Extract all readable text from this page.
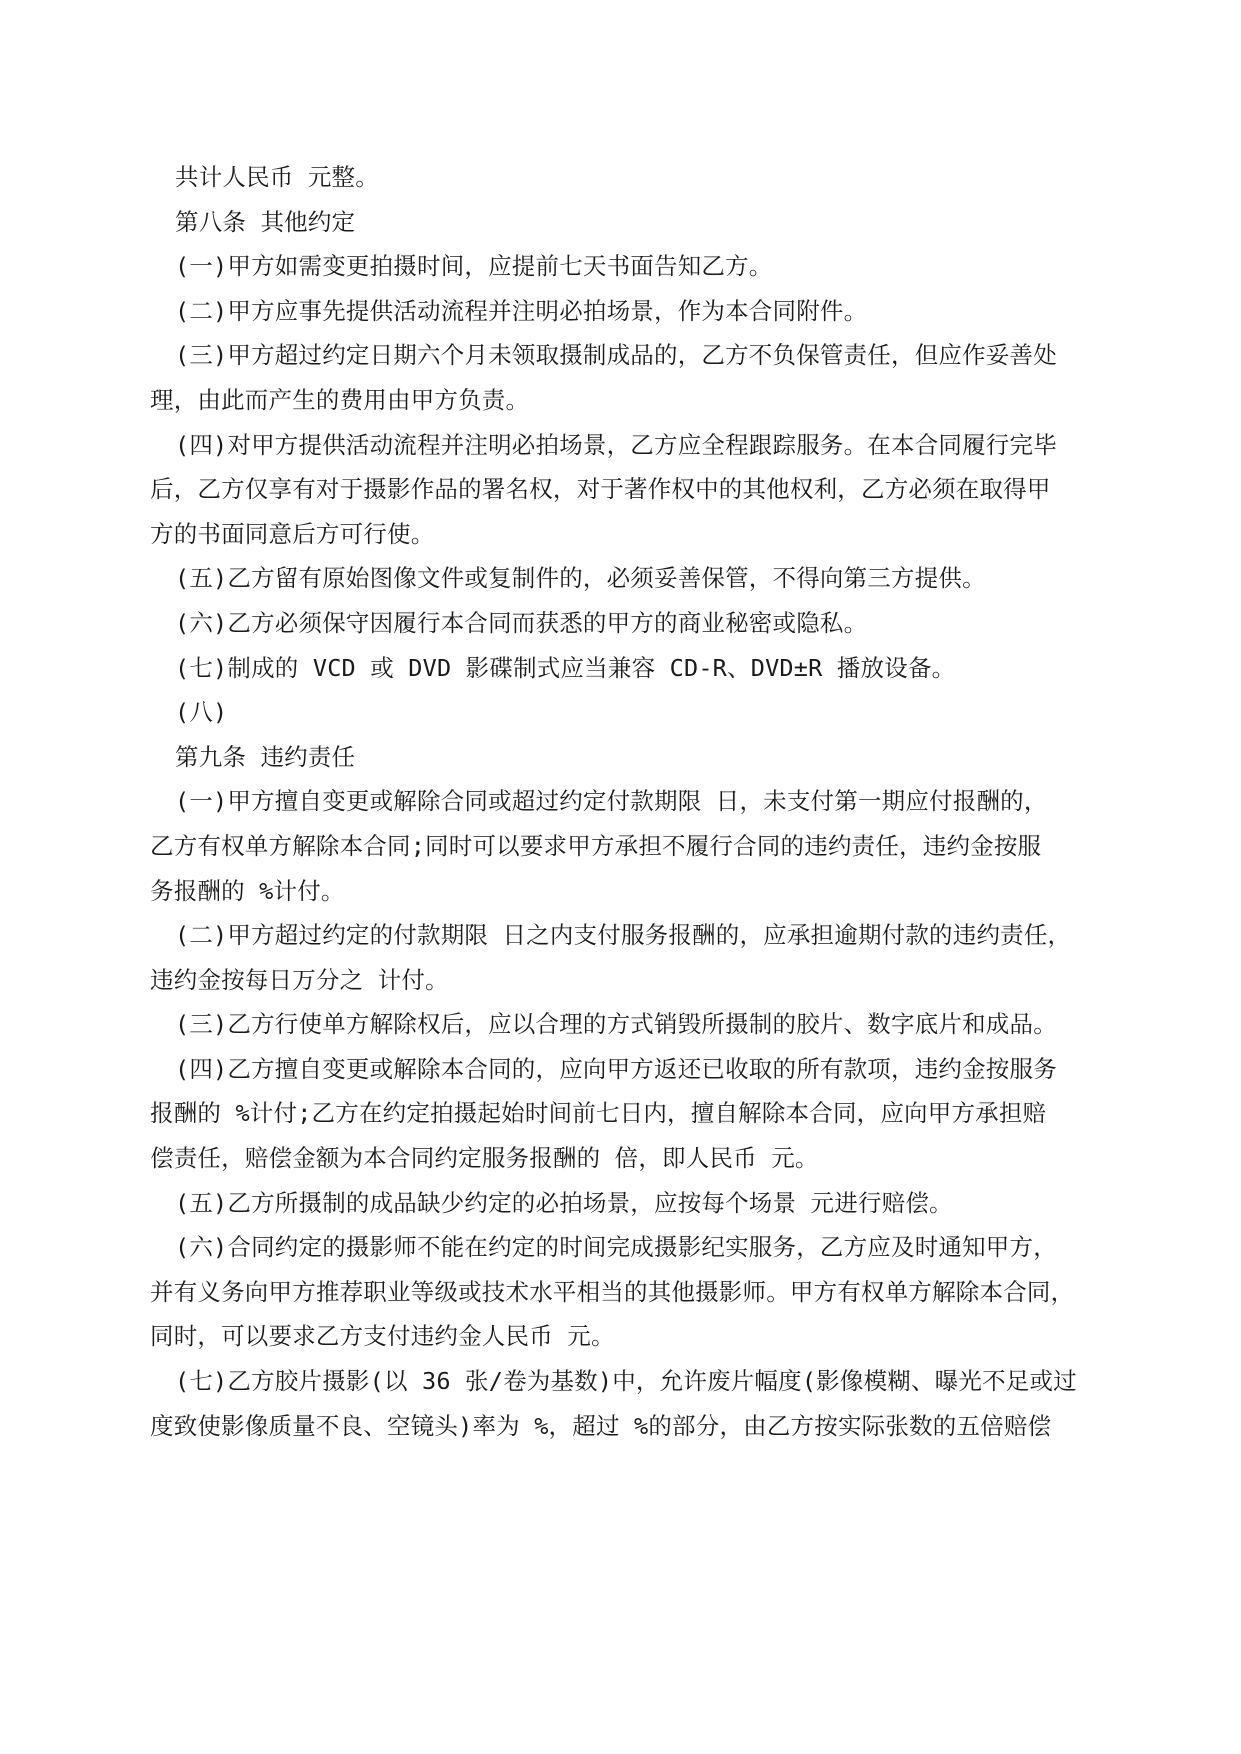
共计人民币 元整。
第八条 其他约定
(一)甲方如需变更拍摄时间，应提前七天书面告知乙方。
(二)甲方应事先提供活动流程并注明必拍场景，作为本合同附件。
(三)甲方超过约定日期六个月未领取摄制成品的，乙方不负保管责任，但应作妥善处
理，由此而产生的费用由甲方负责。
(四)对甲方提供活动流程并注明必拍场景，乙方应全程跟踪服务。在本合同履行完毕
后，乙方仅享有对于摄影作品的署名权，对于著作权中的其他权利，乙方必须在取得甲
方的书面同意后方可行使。
(五)乙方留有原始图像文件或复制件的，必须妥善保管，不得向第三方提供。
(六)乙方必须保守因履行本合同而获悉的甲方的商业秘密或隐私。
(七)制成的 VCD 或 DVD 影碟制式应当兼容 CD-R、DVD±R 播放设备。
(八)
第九条 违约责任
(一)甲方擅自变更或解除合同或超过约定付款期限 日，未支付第一期应付报酬的，
乙方有权单方解除本合同;同时可以要求甲方承担不履行合同的违约责任，违约金按服
务报酬的 %计付。
(二)甲方超过约定的付款期限 日之内支付服务报酬的，应承担逾期付款的违约责任，
违约金按每日万分之 计付。
(三)乙方行使单方解除权后，应以合理的方式销毁所摄制的胶片、数字底片和成品。
(四)乙方擅自变更或解除本合同的，应向甲方返还已收取的所有款项，违约金按服务
报酬的 %计付;乙方在约定拍摄起始时间前七日内，擅自解除本合同，应向甲方承担赔
偿责任，赔偿金额为本合同约定服务报酬的 倍，即人民币 元。
(五)乙方所摄制的成品缺少约定的必拍场景，应按每个场景 元进行赔偿。
(六)合同约定的摄影师不能在约定的时间完成摄影纪实服务，乙方应及时通知甲方，
并有义务向甲方推荐职业等级或技术水平相当的其他摄影师。甲方有权单方解除本合同，
同时，可以要求乙方支付违约金人民币 元。
(七)乙方胶片摄影(以 36 张/卷为基数)中，允许废片幅度(影像模糊、曝光不足或过
度致使影像质量不良、空镜头)率为 %，超过 %的部分，由乙方按实际张数的五倍赔偿
